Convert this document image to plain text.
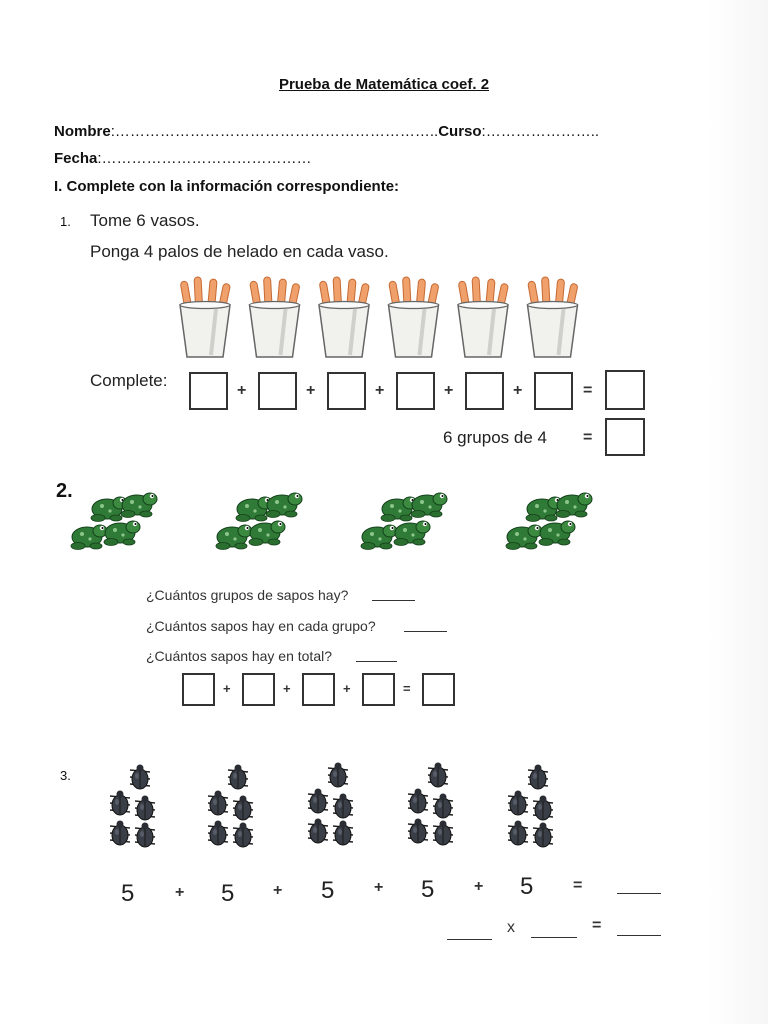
Prueba de Matemática coef. 2
Nombre:………………………………………………………..Curso:…………………..
Fecha:……………………………………
I. Complete con la información correspondiente:
1. Tome 6 vasos.
Ponga 4 palos de helado en cada vaso.
Complete:
+	+	+	+	+	=
6 grupos de 4 =
2.
¿Cuántos grupos de sapos hay?
¿Cuántos sapos hay en cada grupo?
¿Cuántos sapos hay en total?
+	+	+	=
3.
5	+ 5 + 5 + 5 + 5 =
x	=
